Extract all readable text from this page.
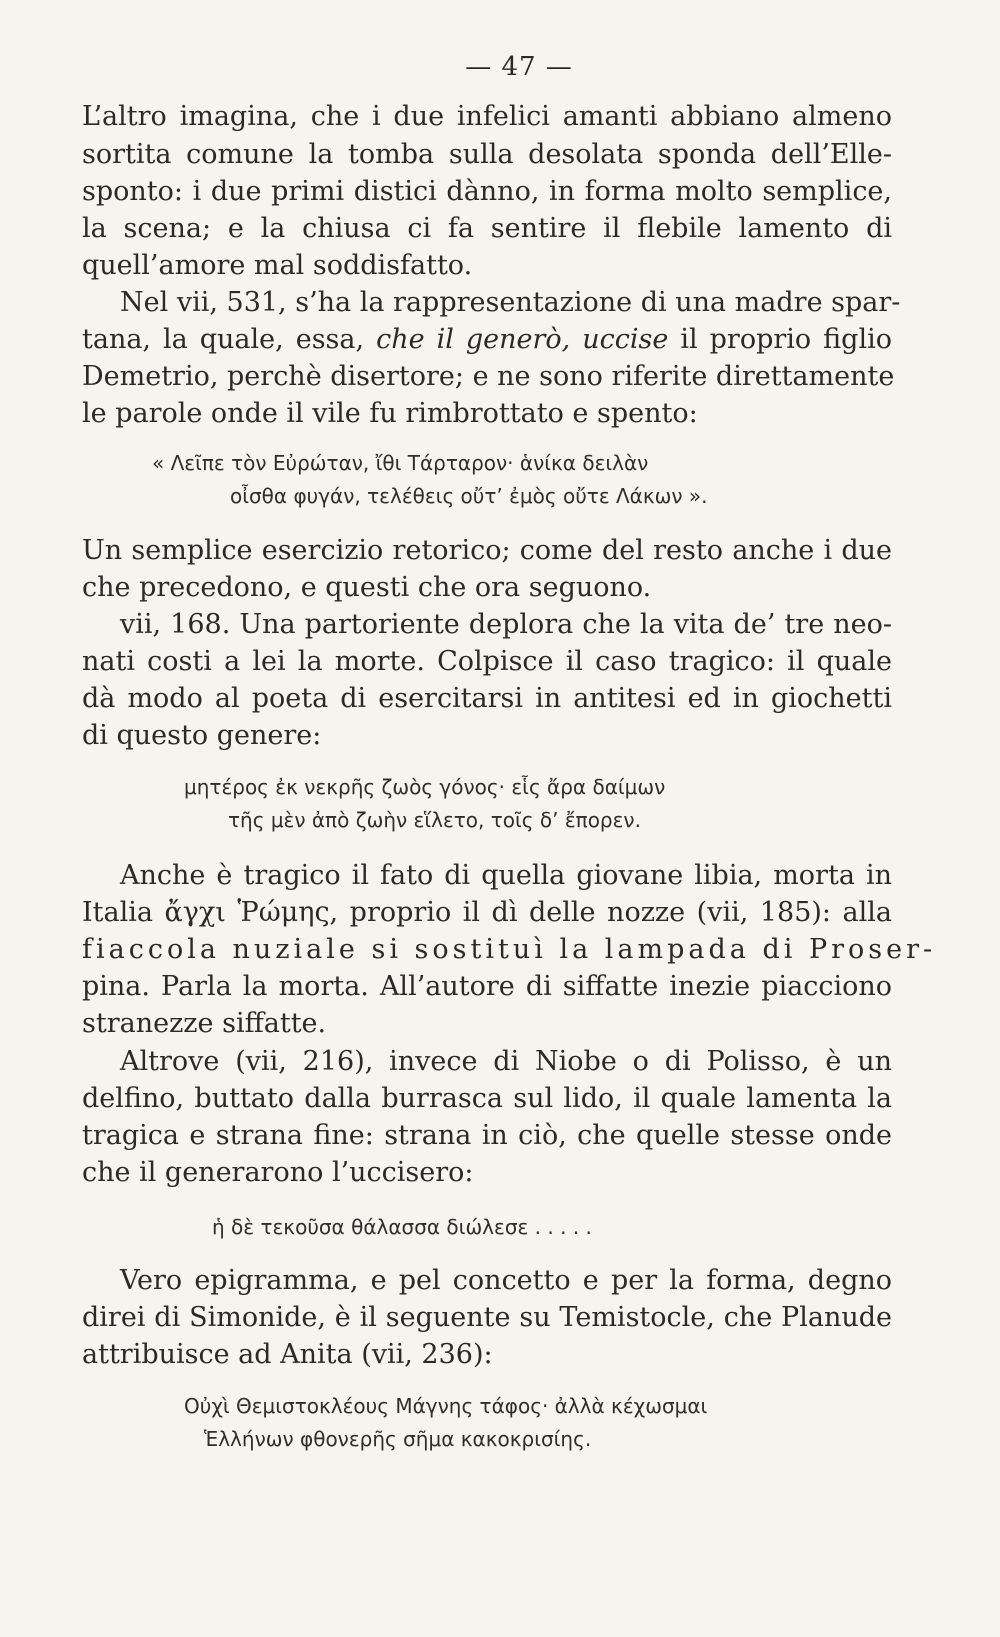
— 47 —
L’altro imagina, che i due infelici amanti abbiano almeno
sortita comune la tomba sulla desolata sponda dell’Elle-
sponto: i due primi distici dànno, in forma molto semplice,
la scena; e la chiusa ci fa sentire il flebile lamento di
quell’amore mal soddisfatto.
Nel vii, 531, s’ha la rappresentazione di una madre spar-
tana, la quale, essa, che il generò, uccise il proprio figlio
Demetrio, perchè disertore; e ne sono riferite direttamente
le parole onde il vile fu rimbrottato e spento:
« Λεῖπε τὸν Εὐρώταν, ἴθι Τάρταρον· ἁνίκα δειλὰν
οἶσθα φυγάν, τελέθεις οὔτ’ ἐμὸς οὔτε Λάκων ».
Un semplice esercizio retorico; come del resto anche i due
che precedono, e questi che ora seguono.
vii, 168. Una partoriente deplora che la vita de’ tre neo-
nati costi a lei la morte. Colpisce il caso tragico: il quale
dà modo al poeta di esercitarsi in antitesi ed in giochetti
di questo genere:
μητέρος ἐκ νεκρῆς ζωὸς γόνος· εἷς ἄρα δαίμων
τῆς μὲν ἀπὸ ζωὴν εἵλετο, τοῖς δ’ ἔπορεν.
Anche è tragico il fato di quella giovane libia, morta in
Italia ἄγχι Ῥώμης, proprio il dì delle nozze (vii, 185): alla
fiaccola nuziale si sostituì la lampada di Proser-
pina. Parla la morta. All’autore di siffatte inezie piacciono
stranezze siffatte.
Altrove (vii, 216), invece di Niobe o di Polisso, è un
delfino, buttato dalla burrasca sul lido, il quale lamenta la
tragica e strana fine: strana in ciò, che quelle stesse onde
che il generarono l’uccisero:
ἡ δὲ τεκοῦσα θάλασσα διώλεσε . . . . .
Vero epigramma, e pel concetto e per la forma, degno
direi di Simonide, è il seguente su Temistocle, che Planude
attribuisce ad Anita (vii, 236):
Οὐχὶ Θεμιστοκλέους Μάγνης τάφος· ἀλλὰ κέχωσμαι
Ἑλλήνων φθονερῆς σῆμα κακοκρισίης.
